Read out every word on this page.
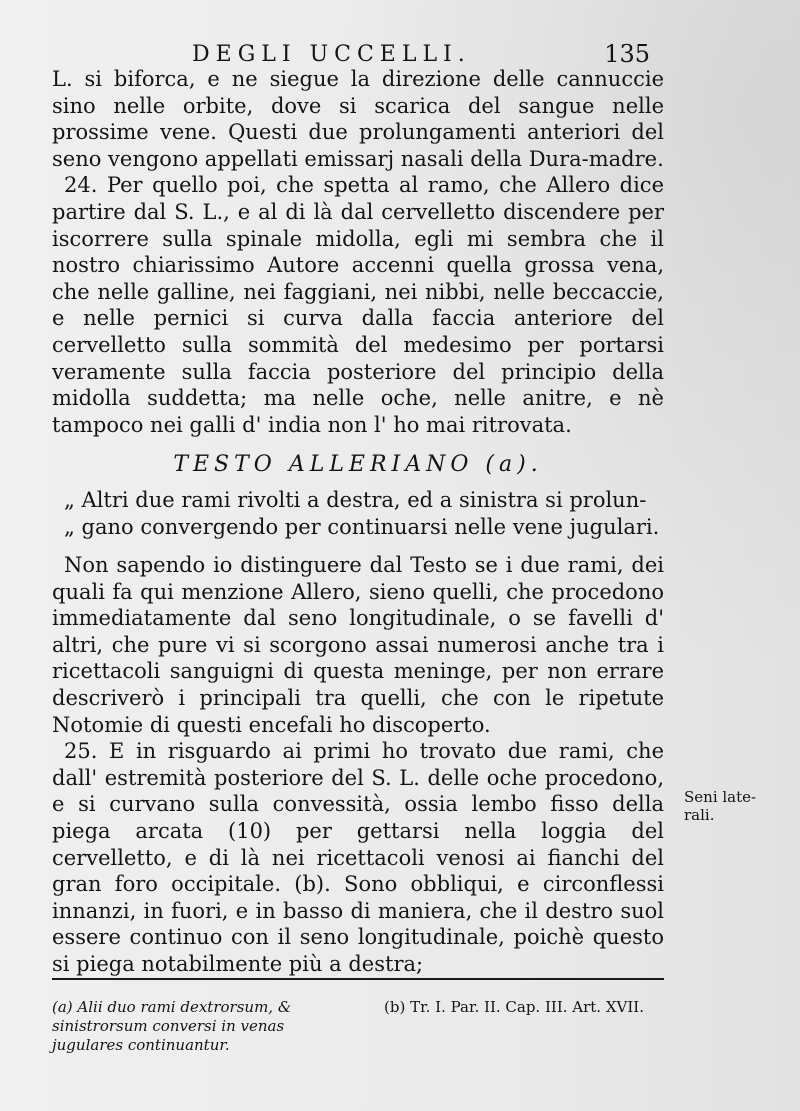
DEGLI UCCELLI.	135

L. si biforca, e ne siegue la direzione delle cannuccie sino nelle orbite, dove si scarica del sangue nelle prossime vene. Questi due prolungamenti anteriori del seno vengono appellati emissarj nasali della Dura-madre.

24. Per quello poi, che spetta al ramo, che Allero dice partire dal S. L., e al di là dal cervelletto discendere per iscorrere sulla spinale midolla, egli mi sembra che il nostro chiarissimo Autore accenni quella grossa vena, che nelle galline, nei faggiani, nei nibbi, nelle beccaccie, e nelle pernici si curva dalla faccia anteriore del cervelletto sulla sommità del medesimo per portarsi veramente sulla faccia posteriore del principio della midolla suddetta; ma nelle oche, nelle anitre, e nè tampoco nei galli d' india non l' ho mai ritrovata.

TESTO ALLERIANO (a).

„ Altri due rami rivolti a destra, ed a sinistra si prolun-

„ gano convergendo per continuarsi nelle vene jugulari.

Non sapendo io distinguere dal Testo se i due rami, dei quali fa qui menzione Allero, sieno quelli, che procedono immediatamente dal seno longitudinale, o se favelli d' altri, che pure vi si scorgono assai numerosi anche tra i ricettacoli sanguigni di questa meninge, per non errare descriverò i principali tra quelli, che con le ripetute Notomie di questi encefali ho discoperto.

25. E in risguardo ai primi ho trovato due rami, che dall' estremità posteriore del S. L. delle oche procedono, e si curvano sulla convessità, ossia lembo fisso della piega arcata (10) per gettarsi nella loggia del cervelletto, e di là nei ricettacoli venosi ai fianchi del gran foro occipitale. (b). Sono obbliqui, e circonflessi innanzi, in fuori, e in basso di maniera, che il destro suol essere continuo con il seno longitudinale, poichè questo si piega notabilmente più a destra;

Seni late-rali.
(a) Alii duo rami dextrorsum, & sinistrorsum conversi in venas jugulares continuantur.
(b) Tr. I. Par. II. Cap. III. Art. XVII.
